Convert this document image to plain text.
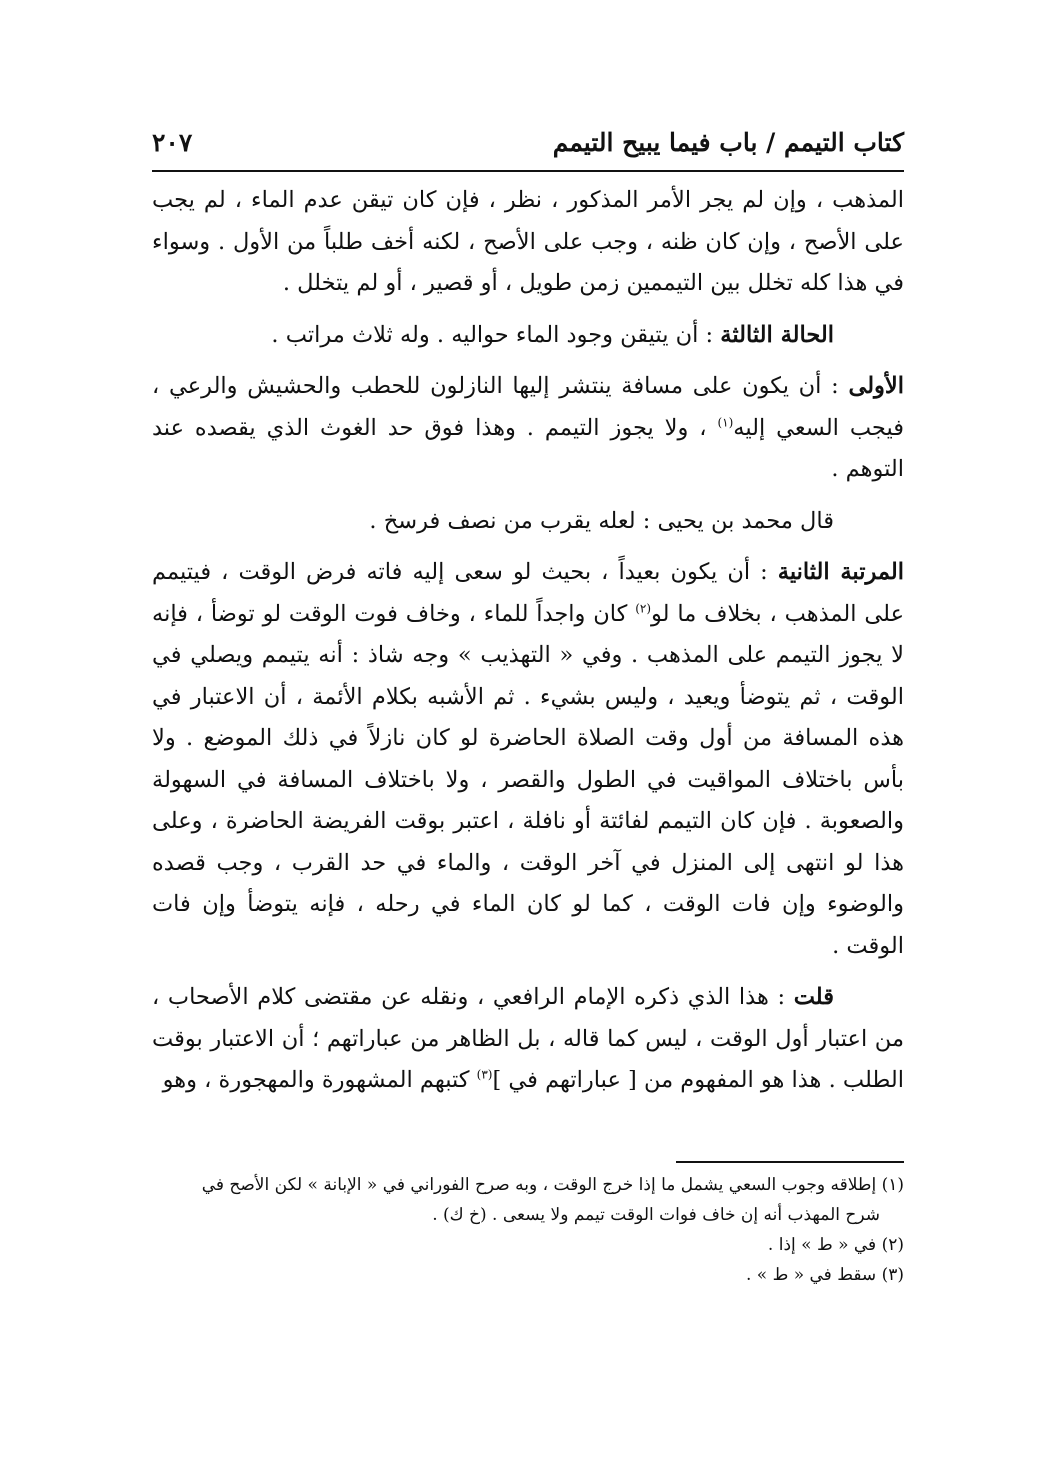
كتاب التيمم / باب فيما يبيح التيمم
٢٠٧

المذهب ، وإن لم يجر الأمر المذكور ، نظر ، فإن كان تيقن عدم الماء ، لم يجب على الأصح ، وإن كان ظنه ، وجب على الأصح ، لكنه أخف طلباً من الأول . وسواء في هذا كله تخلل بين التيممين زمن طويل ، أو قصير ، أو لم يتخلل .

الحالة الثالثة : أن يتيقن وجود الماء حواليه . وله ثلاث مراتب .

الأولى : أن يكون على مسافة ينتشر إليها النازلون للحطب والحشيش والرعي ، فيجب السعي إليه$^{(١)}$ ، ولا يجوز التيمم . وهذا فوق حد الغوث الذي يقصده عند التوهم .

قال محمد بن يحيى : لعله يقرب من نصف فرسخ .

المرتبة الثانية : أن يكون بعيداً ، بحيث لو سعى إليه فاته فرض الوقت ، فيتيمم على المذهب ، بخلاف ما لو$^{(٢)}$ كان واجداً للماء ، وخاف فوت الوقت لو توضأ ، فإنه لا يجوز التيمم على المذهب . وفي « التهذيب » وجه شاذ : أنه يتيمم ويصلي في الوقت ، ثم يتوضأ ويعيد ، وليس بشيء . ثم الأشبه بكلام الأئمة ، أن الاعتبار في هذه المسافة من أول وقت الصلاة الحاضرة لو كان نازلاً في ذلك الموضع . ولا بأس باختلاف المواقيت في الطول والقصر ، ولا باختلاف المسافة في السهولة والصعوبة . فإن كان التيمم لفائتة أو نافلة ، اعتبر بوقت الفريضة الحاضرة ، وعلى هذا لو انتهى إلى المنزل في آخر الوقت ، والماء في حد القرب ، وجب قصده والوضوء وإن فات الوقت ، كما لو كان الماء في رحله ، فإنه يتوضأ وإن فات الوقت .

قلت : هذا الذي ذكره الإمام الرافعي ، ونقله عن مقتضى كلام الأصحاب ، من اعتبار أول الوقت ، ليس كما قاله ، بل الظاهر من عباراتهم ؛ أن الاعتبار بوقت الطلب . هذا هو المفهوم من [ عباراتهم في ]$^{(٣)}$ كتبهم المشهورة والمهجورة ، وهو

(١) إطلاقه وجوب السعي يشمل ما إذا خرج الوقت ، وبه صرح الفوراني في « الإبانة » لكن الأصح في

شرح المهذب أنه إن خاف فوات الوقت تيمم ولا يسعى . (خ ك) .

(٢) في « ط » إذا .

(٣) سقط في « ط » .
